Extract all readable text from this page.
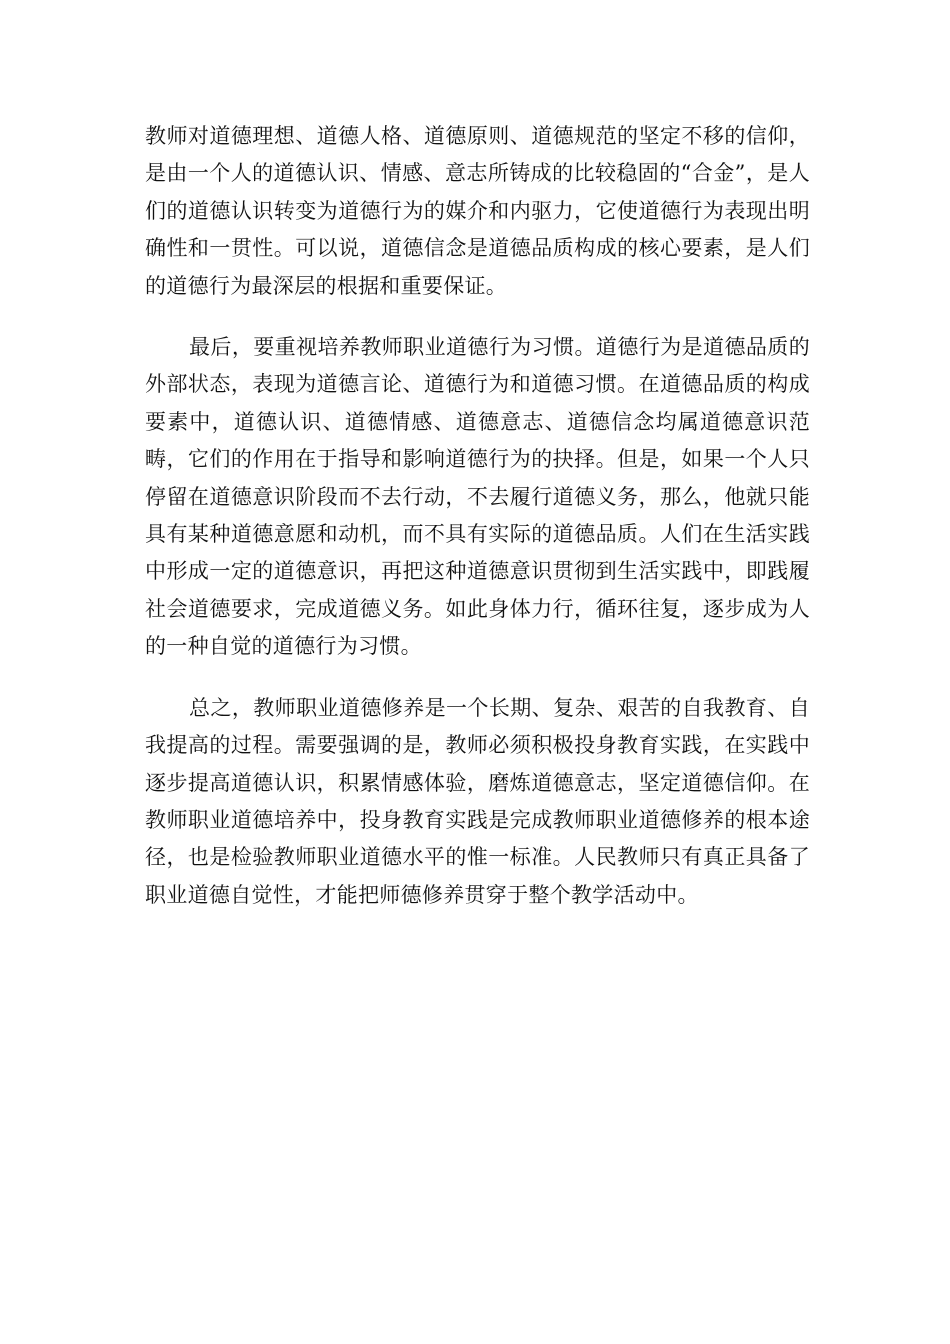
教师对道德理想、道德人格、道德原则、道德规范的坚定不移的信仰，是由一个人的道德认识、情感、意志所铸成的比较稳固的“合金”，是人们的道德认识转变为道德行为的媒介和内驱力，它使道德行为表现出明确性和一贯性。可以说，道德信念是道德品质构成的核心要素，是人们的道德行为最深层的根据和重要保证。

最后，要重视培养教师职业道德行为习惯。道德行为是道德品质的外部状态，表现为道德言论、道德行为和道德习惯。在道德品质的构成要素中，道德认识、道德情感、道德意志、道德信念均属道德意识范畴，它们的作用在于指导和影响道德行为的抉择。但是，如果一个人只停留在道德意识阶段而不去行动，不去履行道德义务，那么，他就只能具有某种道德意愿和动机，而不具有实际的道德品质。人们在生活实践中形成一定的道德意识，再把这种道德意识贯彻到生活实践中，即践履社会道德要求，完成道德义务。如此身体力行，循环往复，逐步成为人的一种自觉的道德行为习惯。

总之，教师职业道德修养是一个长期、复杂、艰苦的自我教育、自我提高的过程。需要强调的是，教师必须积极投身教育实践，在实践中逐步提高道德认识，积累情感体验，磨炼道德意志，坚定道德信仰。在教师职业道德培养中，投身教育实践是完成教师职业道德修养的根本途径，也是检验教师职业道德水平的惟一标准。人民教师只有真正具备了职业道德自觉性，才能把师德修养贯穿于整个教学活动中。
